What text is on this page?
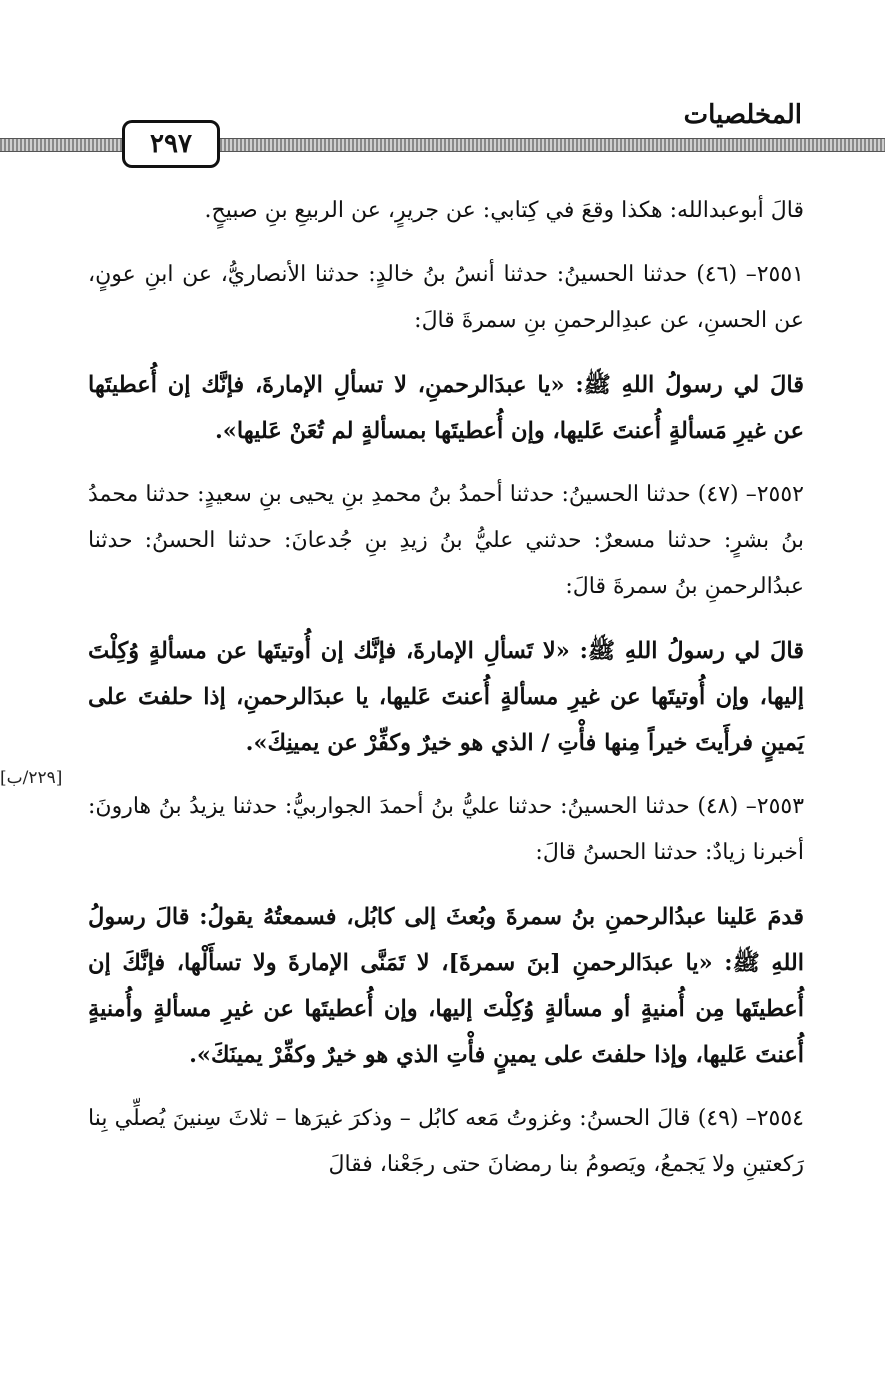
المخلصيات
٢٩٧

قالَ أبوعبدالله: هكذا وقعَ في كِتابي: عن جريرٍ، عن الربيعِ بنِ صبيحٍ.

٢٥٥١– (٤٦) حدثنا الحسينُ: حدثنا أنسُ بنُ خالدٍ: حدثنا الأنصاريُّ، عن ابنِ عونٍ، عن الحسنِ، عن عبدِالرحمنِ بنِ سمرةَ قالَ:

قالَ لي رسولُ اللهِ ﷺ: «يا عبدَالرحمنِ، لا تسألِ الإمارةَ، فإنَّك إن أُعطيتَها عن غيرِ مَسألةٍ أُعنتَ عَليها، وإن أُعطيتَها بمسألةٍ لم تُعَنْ عَليها».

٢٥٥٢– (٤٧) حدثنا الحسينُ: حدثنا أحمدُ بنُ محمدِ بنِ يحيى بنِ سعيدٍ: حدثنا محمدُ بنُ بشرٍ: حدثنا مسعرٌ: حدثني عليُّ بنُ زيدِ بنِ جُدعانَ: حدثنا الحسنُ: حدثنا عبدُالرحمنِ بنُ سمرةَ قالَ:

قالَ لي رسولُ اللهِ ﷺ: «لا تَسألِ الإمارةَ، فإنَّك إن أُوتيتَها عن مسألةٍ وُكِلْتَ إليها، وإن أُوتيتَها عن غيرِ مسألةٍ أُعنتَ عَليها، يا عبدَالرحمنِ، إذا حلفتَ على يَمينٍ فرأَيتَ خيراً مِنها فأْتِ / الذي هو خيرٌ وكفِّرْ عن يمينِكَ».

٢٥٥٣– (٤٨) حدثنا الحسينُ: حدثنا عليُّ بنُ أحمدَ الجواربيُّ: حدثنا يزيدُ بنُ هارونَ: أخبرنا زيادٌ: حدثنا الحسنُ قالَ:

قدمَ عَلينا عبدُالرحمنِ بنُ سمرةَ وبُعثَ إلى كابُل، فسمعتُهُ يقولُ: قالَ رسولُ اللهِ ﷺ: «يا عبدَالرحمنِ [بنَ سمرةَ]، لا تَمَنَّى الإمارةَ ولا تسأَلْها، فإنَّكَ إن أُعطيتَها مِن أُمنيةٍ أو مسألةٍ وُكِلْتَ إليها، وإن أُعطيتَها عن غيرِ مسألةٍ وأُمنيةٍ أُعنتَ عَليها، وإذا حلفتَ على يمينٍ فأْتِ الذي هو خيرٌ وكفِّرْ يمينَكَ».

٢٥٥٤– (٤٩) قالَ الحسنُ: وغزوتُ مَعه كابُل – وذكرَ غيرَها – ثلاثَ سِنينَ يُصلِّي بِنا رَكعتينِ ولا يَجمعُ، ويَصومُ بنا رمضانَ حتى رجَعْنا، فقالَ

[٢٢٩/ب]
